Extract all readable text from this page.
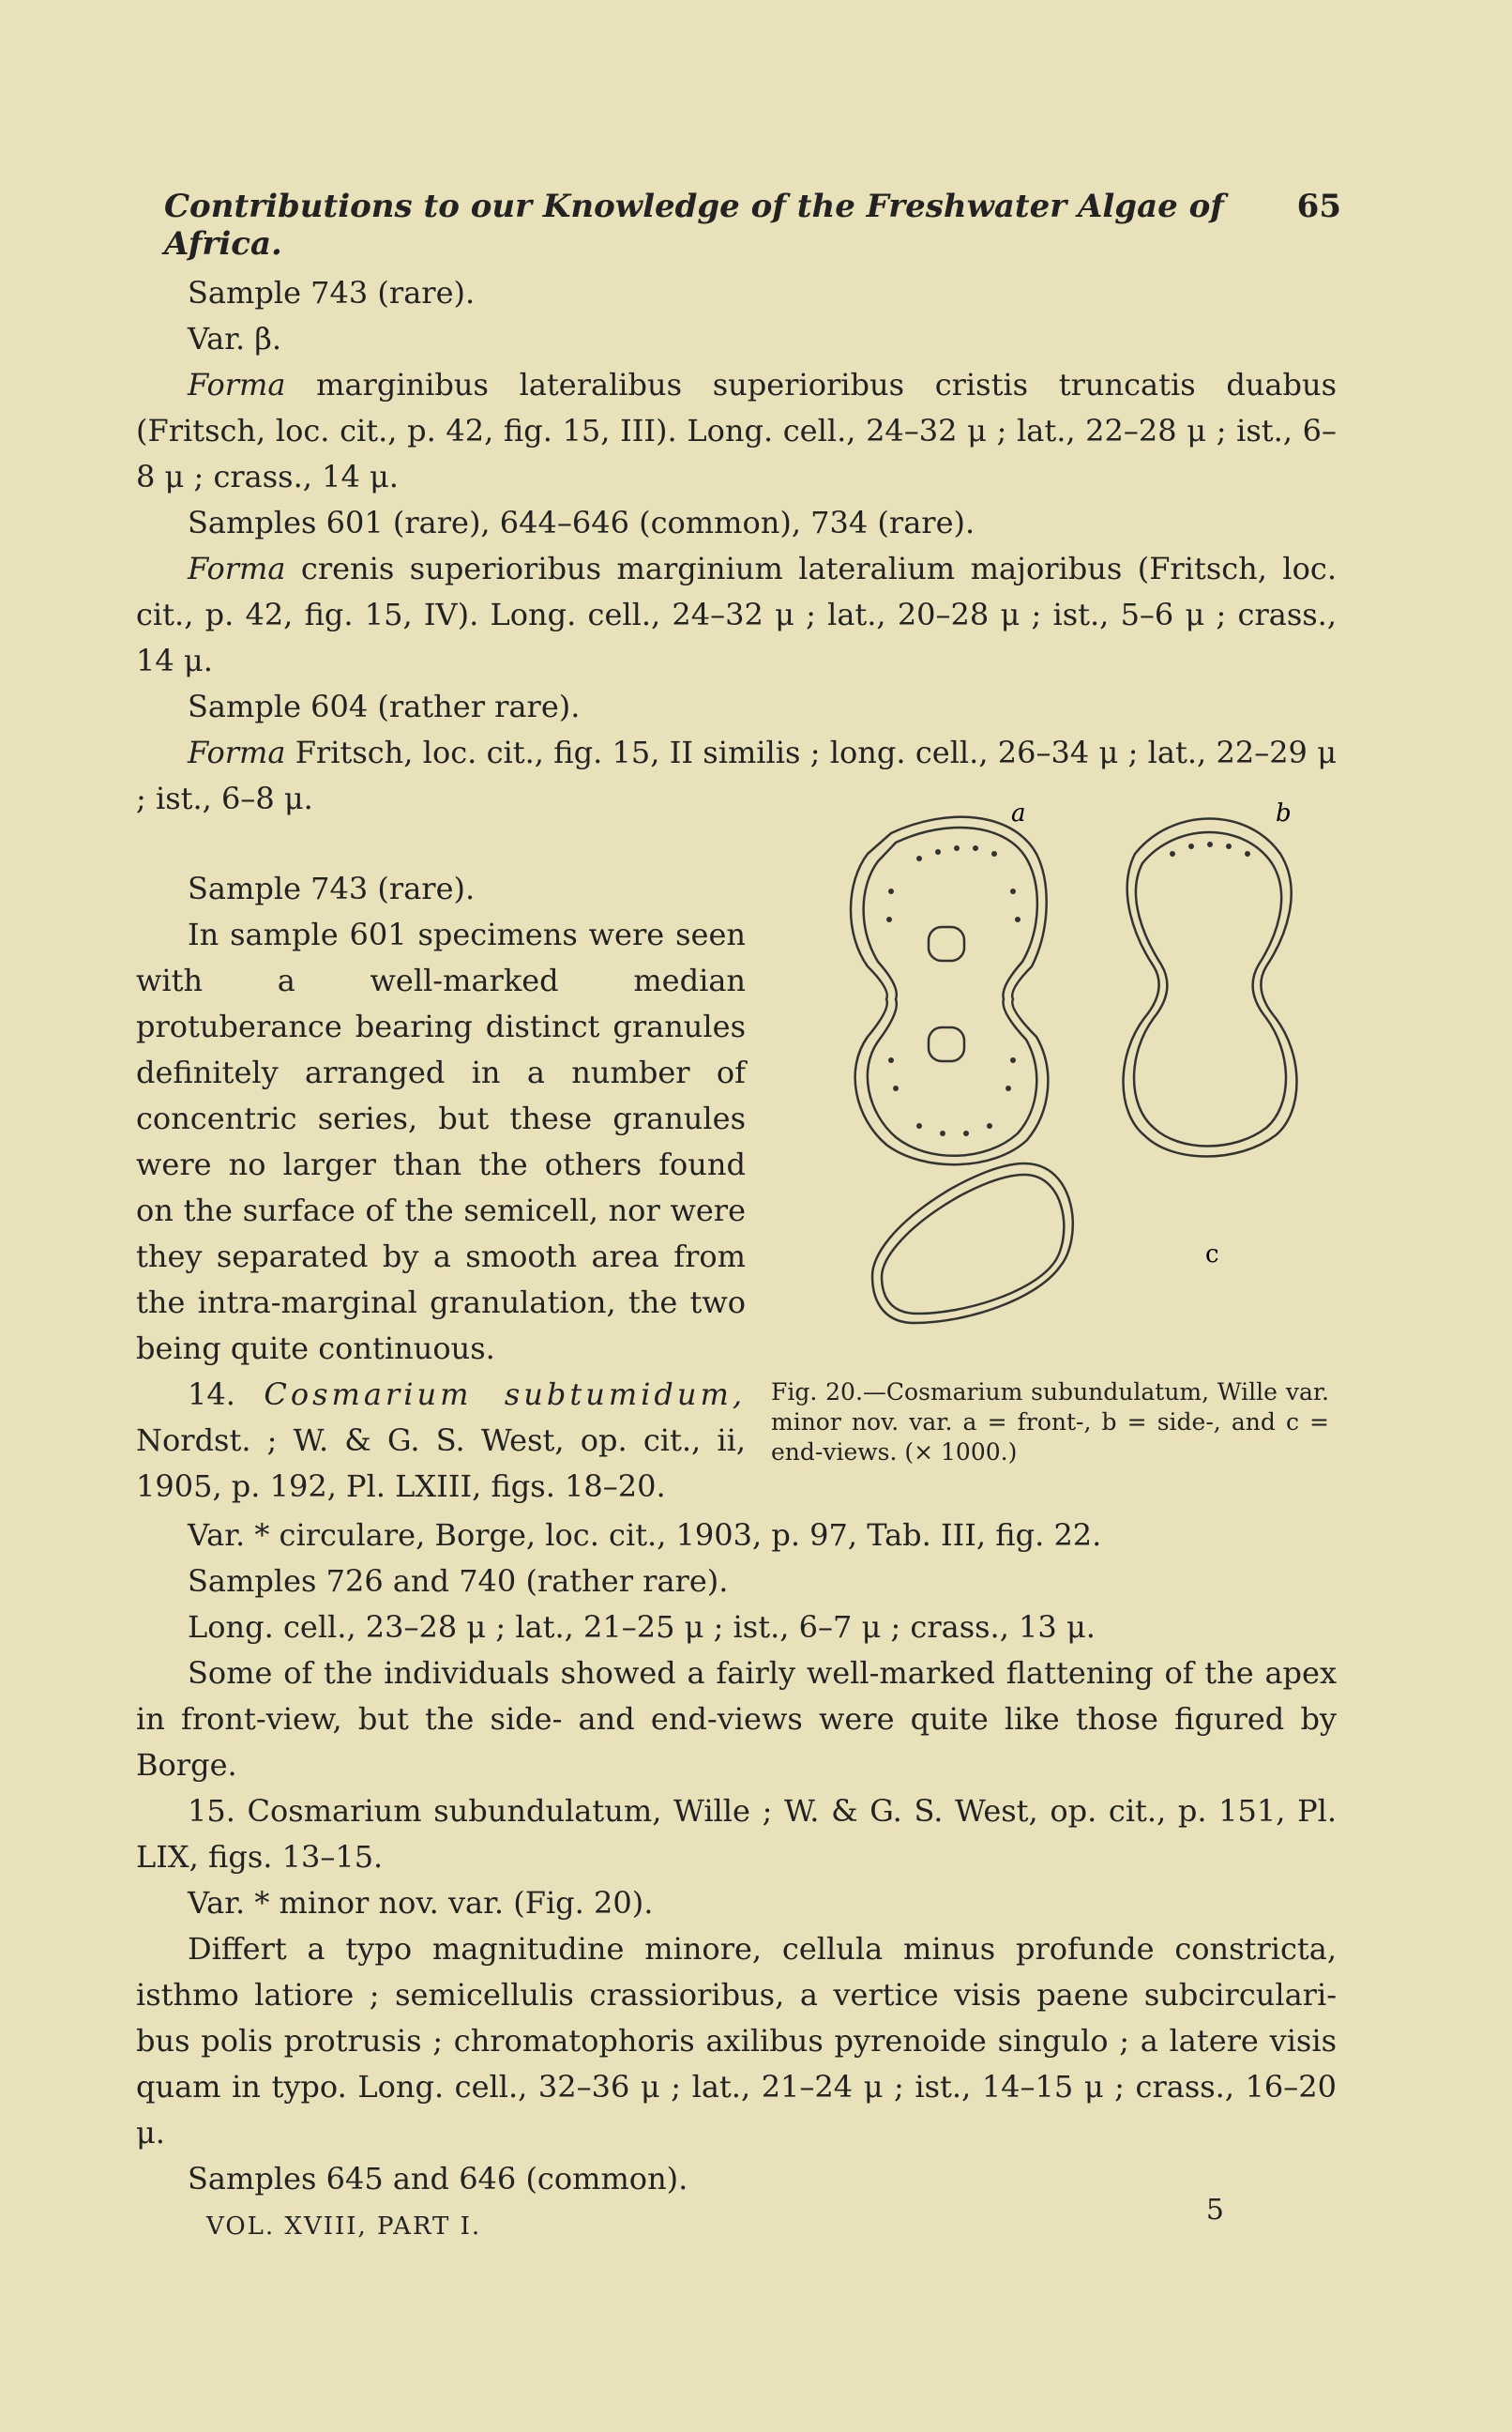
Contributions to our Knowledge of the Freshwater Algae of Africa.
65

Sample 743 (rare).

Var. β.

Forma marginibus lateralibus superioribus cristis truncatis duabus (Fritsch, loc. cit., p. 42, fig. 15, III). Long. cell., 24–32 μ ; lat., 22–28 μ ; ist., 6–8 μ ; crass., 14 μ.

Samples 601 (rare), 644–646 (common), 734 (rare).

Forma crenis superioribus marginium lateralium majoribus (Fritsch, loc. cit., p. 42, fig. 15, IV). Long. cell., 24–32 μ ; lat., 20–28 μ ; ist., 5–6 μ ; crass., 14 μ.

Sample 604 (rather rare).

Forma Fritsch, loc. cit., fig. 15, II similis ; long. cell., 26–34 μ ; lat., 22–29 μ ; ist., 6–8 μ.

Sample 743 (rare).

In sample 601 specimens were seen with a well-marked median protuberance bearing distinct granules definitely arranged in a number of concentric series, but these granules were no larger than the others found on the surface of the semicell, nor were they separated by a smooth area from the intra-marginal granulation, the two being quite continuous.

14. Cosmarium subtumidum, Nordst. ; W. & G. S. West, op. cit., ii, 1905, p. 192, Pl. LXIII, figs. 18–20.

a	b
c
Fig. 20.—Cosmarium subundulatum, Wille var. minor nov. var. a = front-, b = side-, and c = end-views. (× 1000.)

Var. * circulare, Borge, loc. cit., 1903, p. 97, Tab. III, fig. 22.

Samples 726 and 740 (rather rare).

Long. cell., 23–28 μ ; lat., 21–25 μ ; ist., 6–7 μ ; crass., 13 μ.

Some of the individuals showed a fairly well-marked flattening of the apex in front-view, but the side- and end-views were quite like those figured by Borge.

15. Cosmarium subundulatum, Wille ; W. & G. S. West, op. cit., p. 151, Pl. LIX, figs. 13–15.

Var. * minor nov. var. (Fig. 20).

Differt a typo magnitudine minore, cellula minus profunde constricta, isthmo latiore ; semicellulis crassioribus, a vertice visis paene subcirculari-bus polis protrusis ; chromatophoris axilibus pyrenoide singulo ; a latere visis quam in typo. Long. cell., 32–36 μ ; lat., 21–24 μ ; ist., 14–15 μ ; crass., 16–20 μ.

Samples 645 and 646 (common).

VOL. XVIII, PART I.	5
